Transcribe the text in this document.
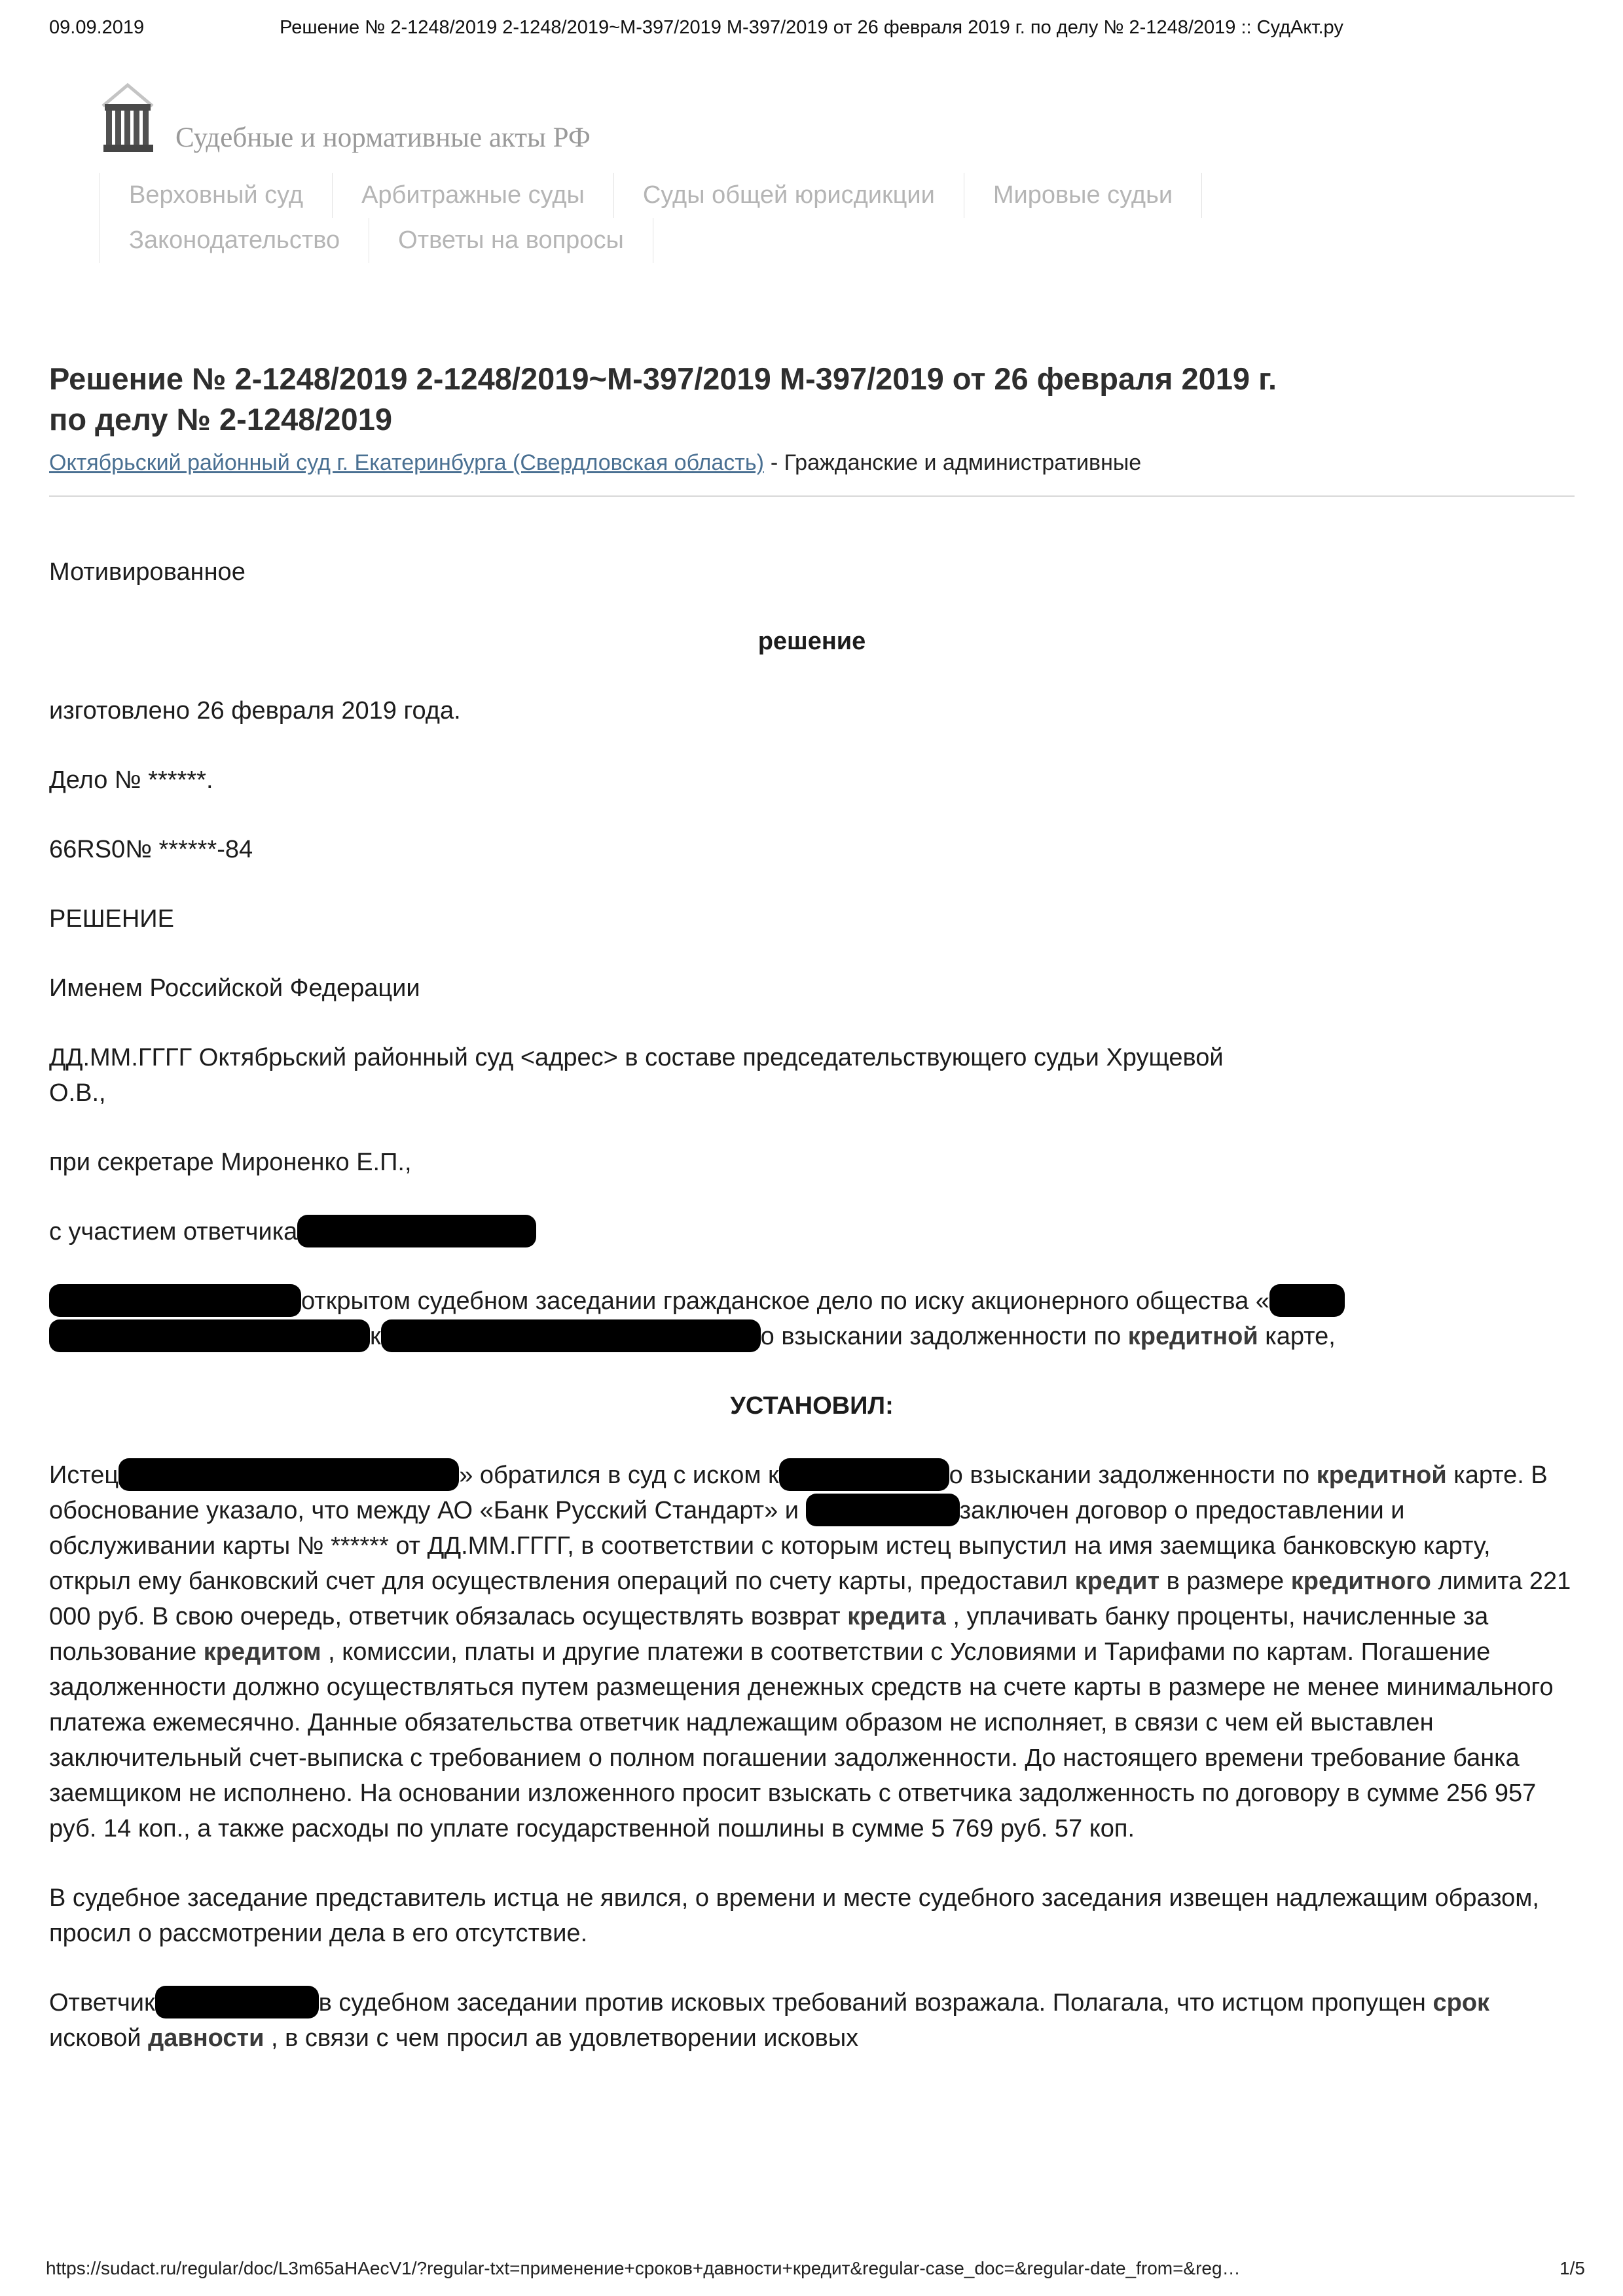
09.09.2019	Решение № 2-1248/2019 2-1248/2019~М-397/2019 М-397/2019 от 26 февраля 2019 г. по делу № 2-1248/2019 :: СудАкт.ру
Судебные и нормативные акты РФ
Верховный суд	Арбитражные суды	Суды общей юрисдикции	Мировые судьи
Законодательство	Ответы на вопросы
Решение № 2-1248/2019 2-1248/2019~М-397/2019 М-397/2019 от 26 февраля 2019 г.
по делу № 2-1248/2019
Октябрьский районный суд г. Екатеринбурга (Свердловская область) - Гражданские и административные

Мотивированное

решение

изготовлено 26 февраля 2019 года.

Дело № ******.

66RS0№ ******-84

РЕШЕНИЕ

Именем Российской Федерации

ДД.ММ.ГГГГ Октябрьский районный суд <адрес> в составе председательствующего судьи Хрущевой
О.В.,

при секретаре Мироненко Е.П.,

с участием ответчика

открытом судебном заседании гражданское дело по иску акционерного общества «к	о взыскании задолженности по кредитной карте,

УСТАНОВИЛ:

Истец	» обратился в суд с иском к	о взыскании задолженности по кредитной карте. В обоснование указало, что между АО «Банк Русский Стандарт» и	заключен договор о предоставлении и обслуживании карты № ****** от ДД.ММ.ГГГГ, в соответствии с которым истец выпустил на имя заемщика банковскую карту, открыл ему банковский счет для осуществления операций по счету карты, предоставил кредит в размере кредитного лимита 221 000 руб. В свою очередь, ответчик обязалась осуществлять возврат кредита , уплачивать банку проценты, начисленные за пользование кредитом , комиссии, платы и другие платежи в соответствии с Условиями и Тарифами по картам. Погашение задолженности должно осуществляться путем размещения денежных средств на счете карты в размере не менее минимального платежа ежемесячно. Данные обязательства ответчик надлежащим образом не исполняет, в связи с чем ей выставлен заключительный счет-выписка с требованием о полном погашении задолженности. До настоящего времени требование банка заемщиком не исполнено. На основании изложенного просит взыскать с ответчика задолженность по договору в сумме 256 957 руб. 14 коп., а также расходы по уплате государственной пошлины в сумме 5 769 руб. 57 коп.

В судебное заседание представитель истца не явился, о времени и месте судебного заседания извещен надлежащим образом, просил о рассмотрении дела в его отсутствие.

Ответчик	в судебном заседании против исковых требований возражала. Полагала, что истцом пропущен срок исковой давности , в связи с чем просил ав удовлетворении исковых

https://sudact.ru/regular/doc/L3m65aHAecV1/?regular-txt=применение+сроков+давности+кредит&regular-case_doc=&regular-date_from=&reg…	1/5
